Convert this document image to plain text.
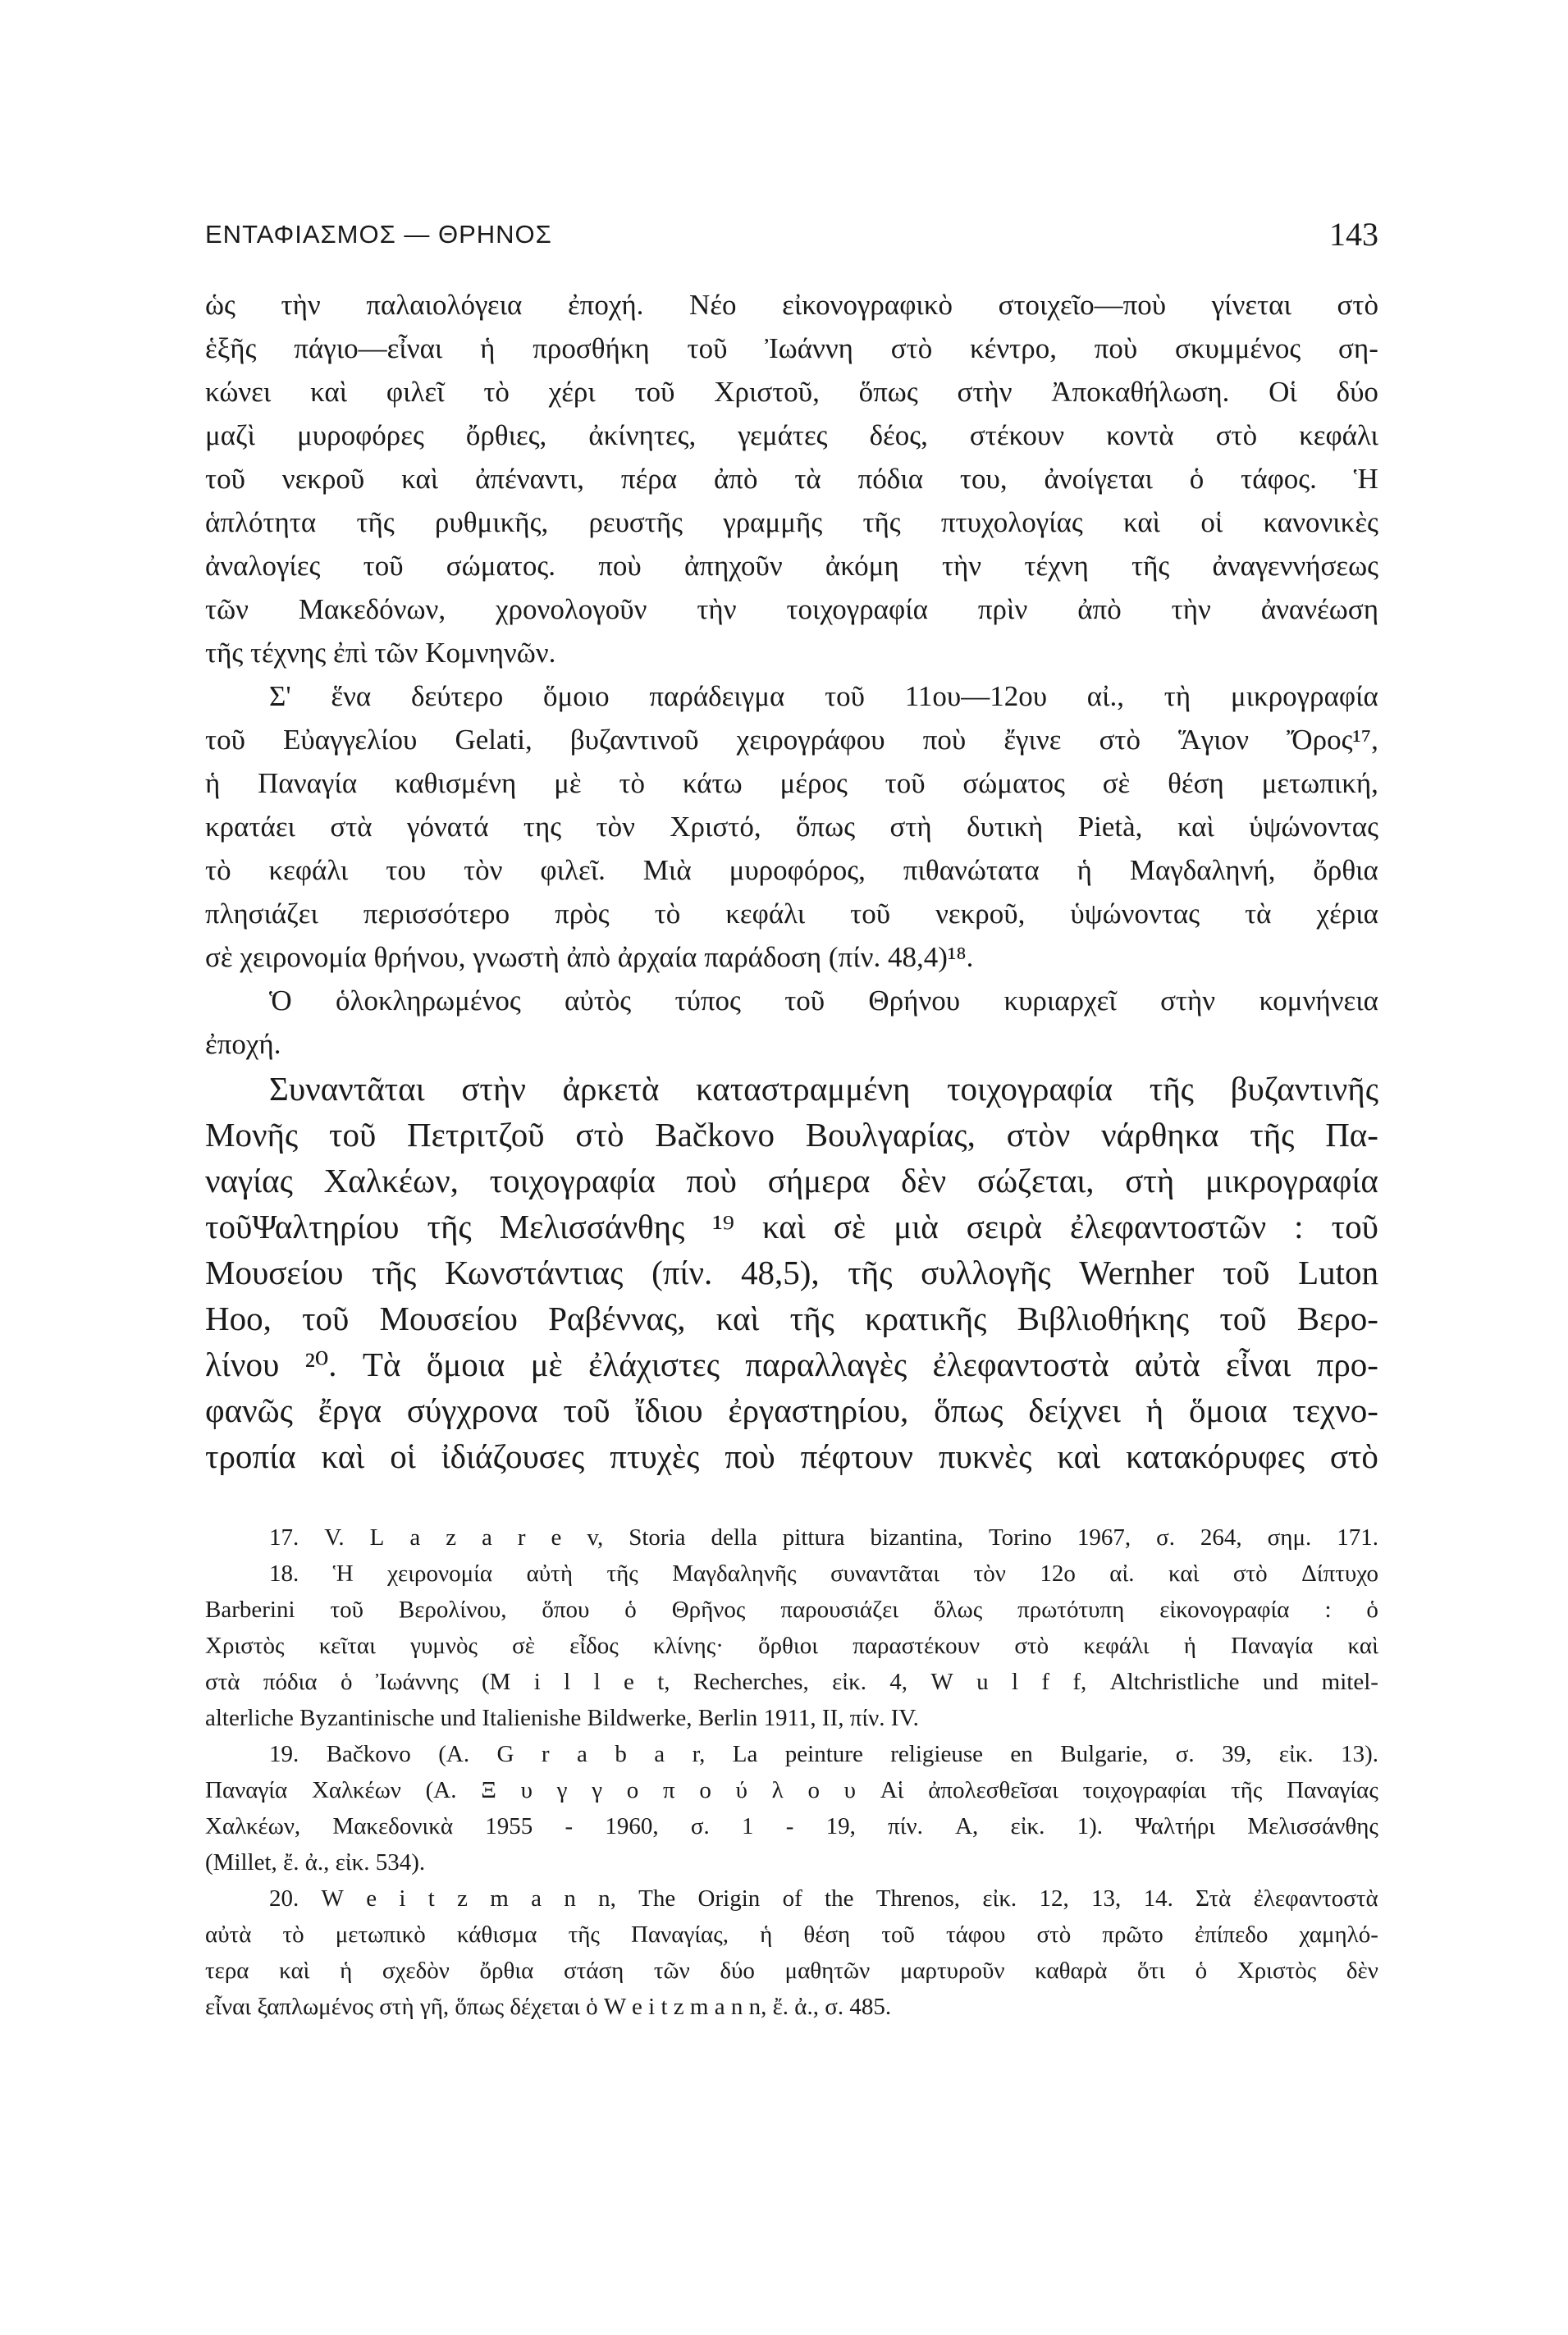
ΕΝΤΑΦΙΑΣΜΟΣ — ΘΡΗΝΟΣ	143
ὡς τὴν παλαιολόγεια ἐποχή. Νέο εἰκονογραφικὸ στοιχεῖο—ποὺ γίνεται στὸ
ἑξῆς πάγιο—εἶναι ἡ προσθήκη τοῦ Ἰωάννη στὸ κέντρο, ποὺ σκυμμένος ση-
κώνει καὶ φιλεῖ τὸ χέρι τοῦ Χριστοῦ, ὅπως στὴν Ἀποκαθήλωση. Οἱ δύο
μαζὶ μυροφόρες ὄρθιες, ἀκίνητες, γεμάτες δέος, στέκουν κοντὰ στὸ κεφάλι
τοῦ νεκροῦ καὶ ἀπέναντι, πέρα ἀπὸ τὰ πόδια του, ἀνοίγεται ὁ τάφος. Ἡ
ἁπλότητα τῆς ρυθμικῆς, ρευστῆς γραμμῆς τῆς πτυχολογίας καὶ οἱ κανονικὲς
ἀναλογίες τοῦ σώματος. ποὺ ἀπηχοῦν ἀκόμη τὴν τέχνη τῆς ἀναγεννήσεως
τῶν Μακεδόνων, χρονολογοῦν τὴν τοιχογραφία πρὶν ἀπὸ τὴν ἀνανέωση
τῆς τέχνης ἐπὶ τῶν Κομνηνῶν.
Σ' ἕνα δεύτερο ὅμοιο παράδειγμα τοῦ 11ου—12ου αἰ., τὴ μικρογραφία
τοῦ Εὐαγγελίου Gelati, βυζαντινοῦ χειρογράφου ποὺ ἔγινε στὸ Ἅγιον Ὄρος¹⁷,
ἡ Παναγία καθισμένη μὲ τὸ κάτω μέρος τοῦ σώματος σὲ θέση μετωπική,
κρατάει στὰ γόνατά της τὸν Χριστό, ὅπως στὴ δυτικὴ Pietà, καὶ ὑψώνοντας
τὸ κεφάλι του τὸν φιλεῖ. Μιὰ μυροφόρος, πιθανώτατα ἡ Μαγδαληνή, ὄρθια
πλησιάζει περισσότερο πρὸς τὸ κεφάλι τοῦ νεκροῦ, ὑψώνοντας τὰ χέρια
σὲ χειρονομία θρήνου, γνωστὴ ἀπὸ ἀρχαία παράδοση (πίν. 48,4)¹⁸.
Ὁ ὁλοκληρωμένος αὐτὸς τύπος τοῦ Θρήνου κυριαρχεῖ στὴν κομνήνεια
ἐποχή.
Συναντᾶται στὴν ἀρκετὰ καταστραμμένη τοιχογραφία τῆς βυζαντινῆς
Μονῆς τοῦ Πετριτζοῦ στὸ Bačkovo Βουλγαρίας, στὸν νάρθηκα τῆς Πα-
ναγίας Χαλκέων, τοιχογραφία ποὺ σήμερα δὲν σώζεται, στὴ μικρογραφία
τοῦΨαλτηρίου τῆς Μελισσάνθης ¹⁹ καὶ σὲ μιὰ σειρὰ ἐλεφαντοστῶν : τοῦ
Μουσείου τῆς Κωνστάντιας (πίν. 48,5), τῆς συλλογῆς Wernher τοῦ Luton
Hoo, τοῦ Μουσείου Ραβέννας, καὶ τῆς κρατικῆς Βιβλιοθήκης τοῦ Βερο-
λίνου ²⁰. Τὰ ὅμοια μὲ ἐλάχιστες παραλλαγὲς ἐλεφαντοστὰ αὐτὰ εἶναι προ-
φανῶς ἔργα σύγχρονα τοῦ ἴδιου ἐργαστηρίου, ὅπως δείχνει ἡ ὅμοια τεχνο-
τροπία καὶ οἱ ἰδιάζουσες πτυχὲς ποὺ πέφτουν πυκνὲς καὶ κατακόρυφες στὸ
17. V. L a z a r e v, Storia della pittura bizantina, Torino 1967, σ. 264, σημ. 171.
18. Ἡ χειρονομία αὐτὴ τῆς Μαγδαληνῆς συναντᾶται τὸν 12ο αἰ. καὶ στὸ Δίπτυχο
Barberini τοῦ Βερολίνου, ὅπου ὁ Θρῆνος παρουσιάζει ὅλως πρωτότυπη εἰκονογραφία : ὁ
Χριστὸς κεῖται γυμνὸς σὲ εἶδος κλίνης· ὄρθιοι παραστέκουν στὸ κεφάλι ἡ Παναγία καὶ
στὰ πόδια ὁ Ἰωάννης (M i l l e t, Recherches, εἰκ. 4, W u l f f, Altchristliche und mitel-
alterliche Byzantinische und Italienishe Bildwerke, Berlin 1911, II, πίν. IV.
19. Bačkovo (A. G r a b a r, La peinture religieuse en Bulgarie, σ. 39, εἰκ. 13).
Παναγία Χαλκέων (A. Ξ υ γ γ ο π ο ύ λ ο υ Αἱ ἀπολεσθεῖσαι τοιχογραφίαι τῆς Παναγίας
Χαλκέων, Μακεδονικὰ 1955 - 1960, σ. 1 - 19, πίν. A, εἰκ. 1). Ψαλτήρι Μελισσάνθης
(Millet, ἔ. ἀ., εἰκ. 534).
20. W e i t z m a n n, The Origin of the Threnos, εἰκ. 12, 13, 14. Στὰ ἐλεφαντοστὰ
αὐτὰ τὸ μετωπικὸ κάθισμα τῆς Παναγίας, ἡ θέση τοῦ τάφου στὸ πρῶτο ἐπίπεδο χαμηλό-
τερα καὶ ἡ σχεδὸν ὄρθια στάση τῶν δύο μαθητῶν μαρτυροῦν καθαρὰ ὅτι ὁ Χριστὸς δὲν
εἶναι ξαπλωμένος στὴ γῆ, ὅπως δέχεται ὁ W e i t z m a n n, ἔ. ἀ., σ. 485.
